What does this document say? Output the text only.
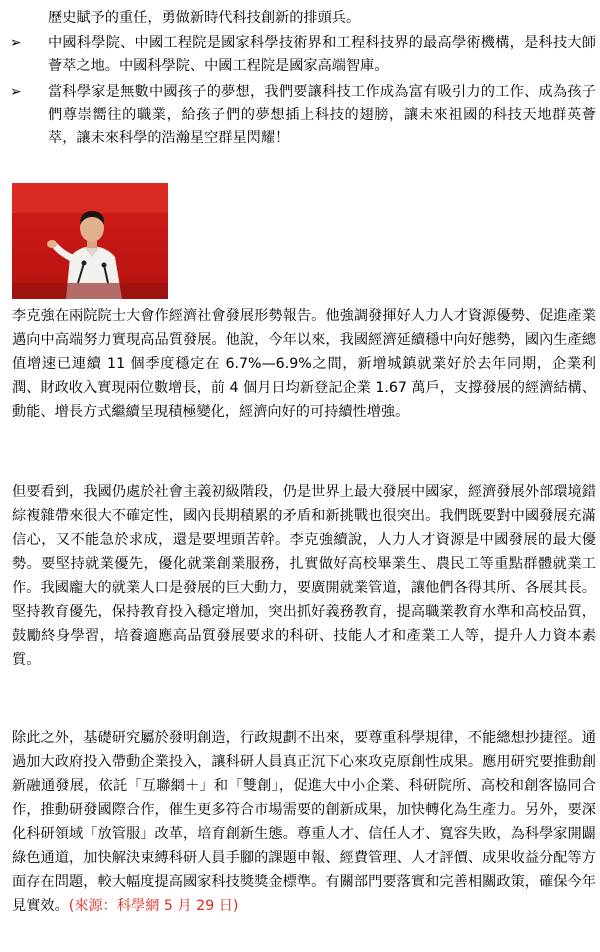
歷史賦予的重任，勇做新時代科技創新的排頭兵。
➢ 中國科學院、中國工程院是國家科學技術界和工程科技界的最高學術機構，是科技大師薈萃之地。中國科學院、中國工程院是國家高端智庫。
➢ 當科學家是無數中國孩子的夢想，我們要讓科技工作成為富有吸引力的工作、成為孩子們尊崇嚮往的職業，給孩子們的夢想插上科技的翅膀，讓未來祖國的科技天地群英薈萃，讓未來科學的浩瀚星空群星閃耀！
李克強在兩院院士大會作經濟社會發展形勢報告。他強調發揮好人力人才資源優勢、促進產業邁向中高端努力實現高品質發展。他說，今年以來，我國經濟延續穩中向好態勢，國內生產總值增速已連續 11 個季度穩定在 6.7%—6.9%之間，新增城鎮就業好於去年同期，企業利潤、財政收入實現兩位數增長，前 4 個月日均新登記企業 1.67 萬戶，支撐發展的經濟結構、動能、增長方式繼續呈現積極變化，經濟向好的可持續性增強。
但要看到，我國仍處於社會主義初級階段，仍是世界上最大發展中國家，經濟發展外部環境錯綜複雜帶來很大不確定性，國內長期積累的矛盾和新挑戰也很突出。我們既要對中國發展充滿信心，又不能急於求成，還是要埋頭苦幹。李克強續說，人力人才資源是中國發展的最大優勢。要堅持就業優先，優化就業創業服務，扎實做好高校畢業生、農民工等重點群體就業工作。我國龐大的就業人口是發展的巨大動力，要廣開就業管道，讓他們各得其所、各展其長。堅持教育優先，保持教育投入穩定增加，突出抓好義務教育，提高職業教育水準和高校品質，鼓勵終身學習，培養適應高品質發展要求的科研、技能人才和產業工人等，提升人力資本素質。
除此之外，基礎研究屬於發明創造，行政規劃不出來，要尊重科學規律，不能總想抄捷徑。通過加大政府投入帶動企業投入，讓科研人員真正沉下心來攻克原創性成果。應用研究要推動創新融通發展，依託「互聯網＋」和「雙創」，促進大中小企業、科研院所、高校和創客協同合作，推動研發國際合作，催生更多符合市場需要的創新成果，加快轉化為生產力。另外，要深化科研領域「放管服」改革，培育創新生態。尊重人才、信任人才、寬容失敗，為科學家開闢綠色通道，加快解決束縛科研人員手腳的課題申報、經費管理、人才評價、成果收益分配等方面存在問題，較大幅度提高國家科技獎獎金標準。有關部門要落實和完善相關政策，確保今年見實效。(來源：科學網 5 月 29 日)
